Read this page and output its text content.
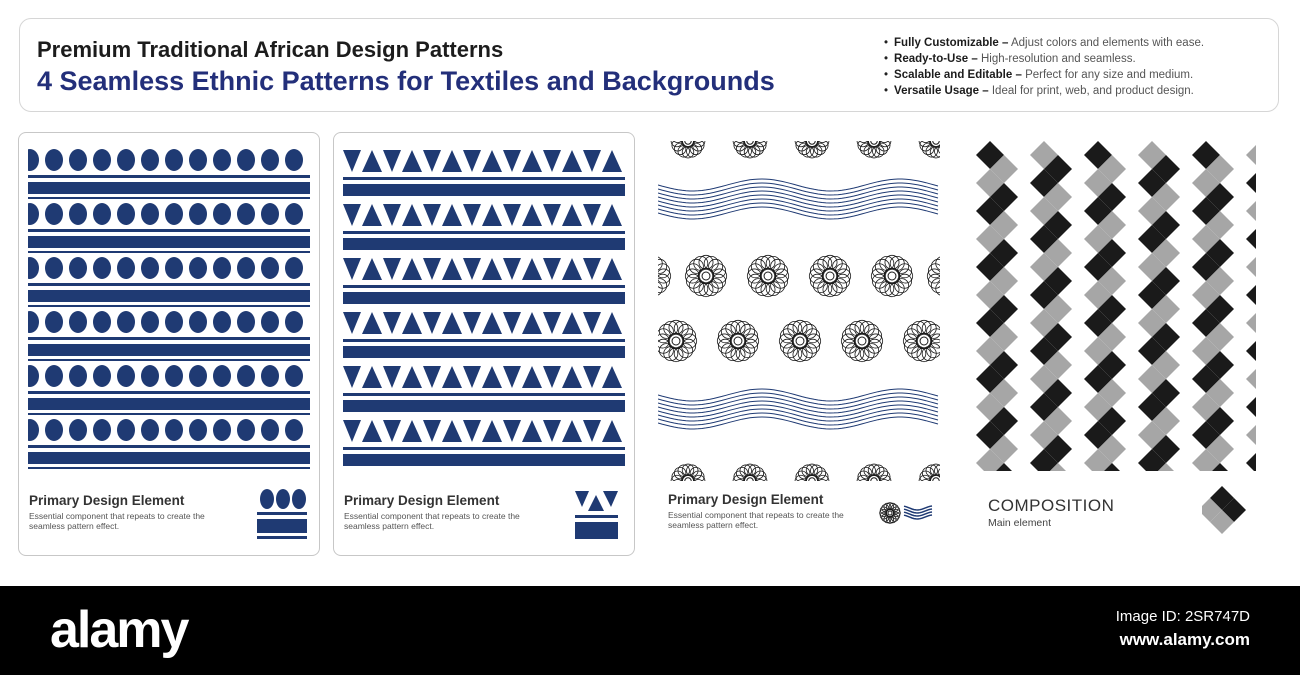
Premium Traditional African Design Patterns
4 Seamless Ethnic Patterns for Textiles and Backgrounds
• Fully Customizable – Adjust colors and elements with ease.
• Ready-to-Use – High-resolution and seamless.
• Scalable and Editable – Perfect for any size and medium.
• Versatile Usage – Ideal for print, web, and product design.
Primary Design Element
Essential component that repeats to create the seamless pattern effect.
Primary Design Element
Essential component that repeats to create the seamless pattern effect.
Primary Design Element
Essential component that repeats to create the seamless pattern effect.
COMPOSITION
Main element
alamy	Image ID: 2SR747D
www.alamy.com
